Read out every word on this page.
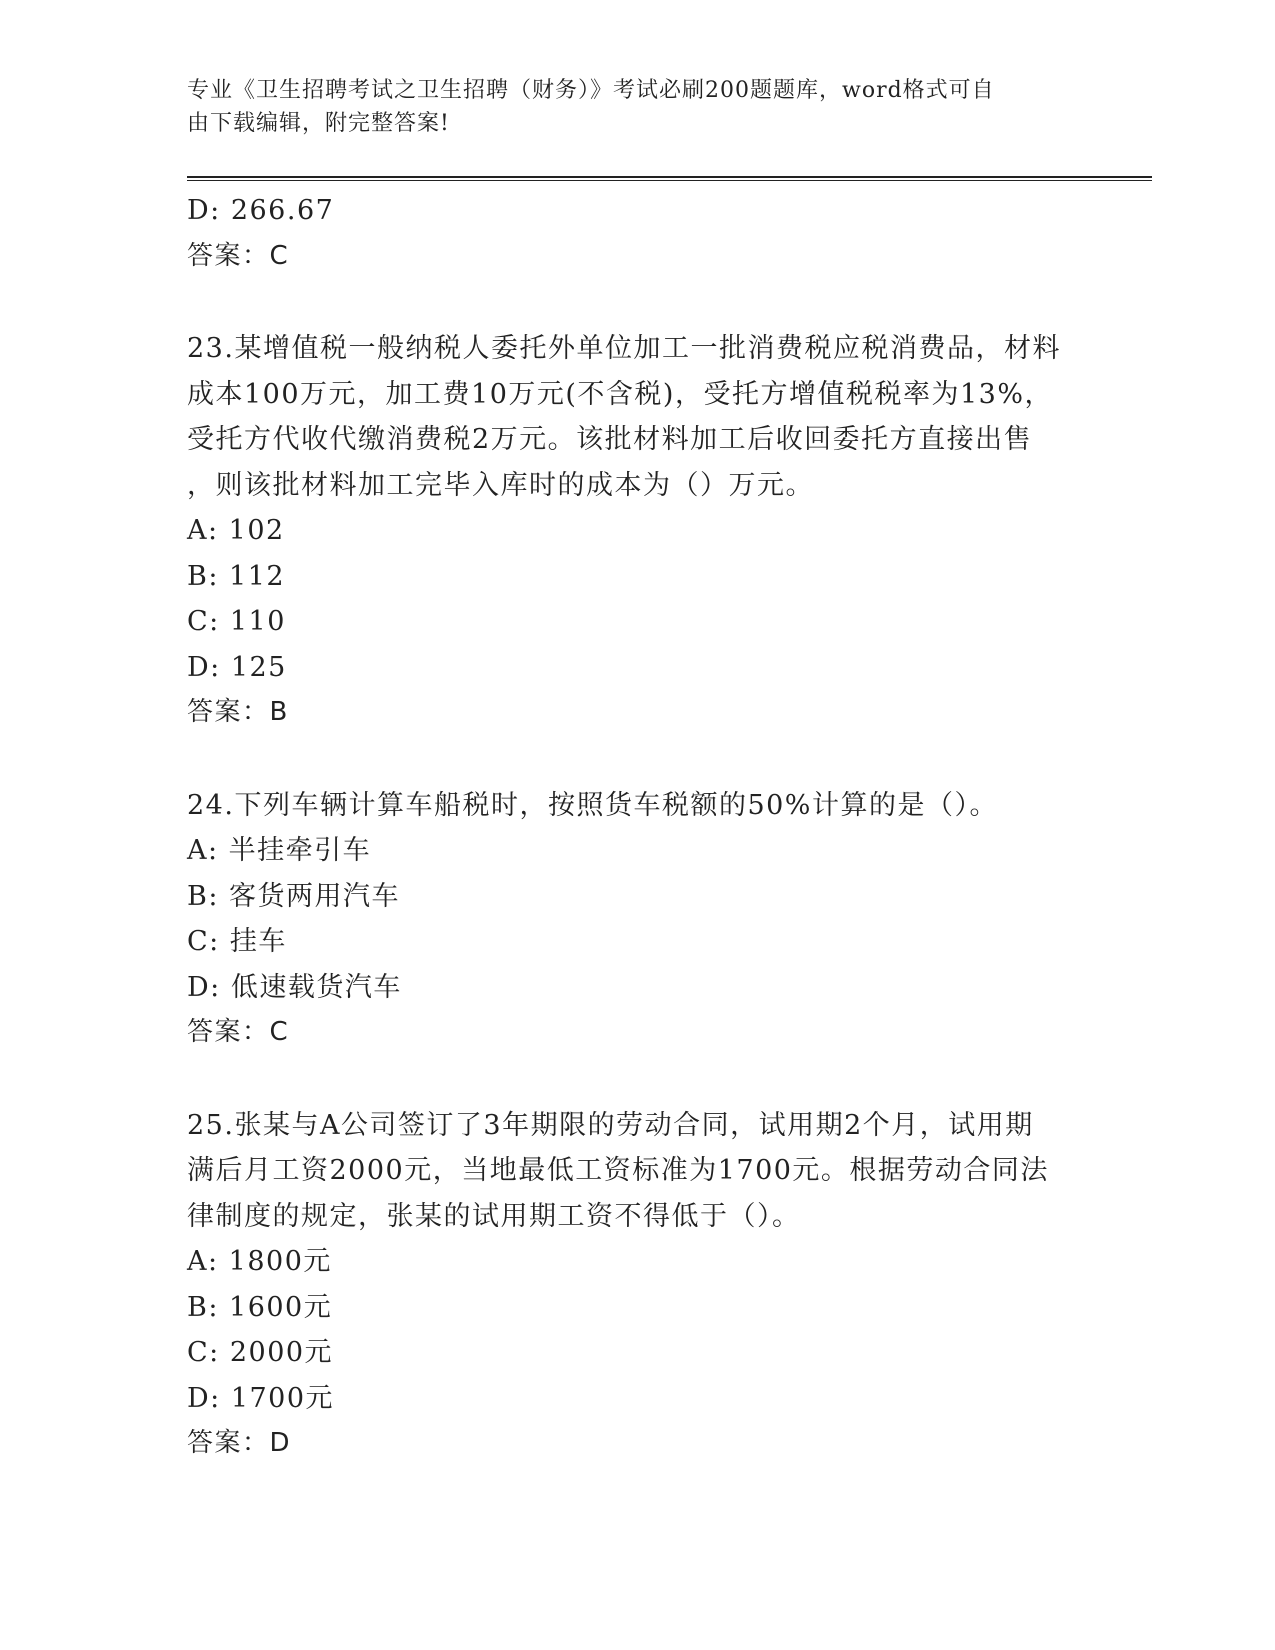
专业《卫生招聘考试之卫生招聘（财务）》考试必刷200题题库，word格式可自
由下载编辑，附完整答案!
D: 266.67
答案：C
23.某增值税一般纳税人委托外单位加工一批消费税应税消费品，材料
成本100万元，加工费10万元(不含税)，受托方增值税税率为13%，
受托方代收代缴消费税2万元。该批材料加工后收回委托方直接出售
，则该批材料加工完毕入库时的成本为（）万元。
A: 102
B: 112
C: 110
D: 125
答案：B
24.下列车辆计算车船税时，按照货车税额的50%计算的是（）。
A: 半挂牵引车
B: 客货两用汽车
C: 挂车
D: 低速载货汽车
答案：C
25.张某与A公司签订了3年期限的劳动合同，试用期2个月，试用期
满后月工资2000元，当地最低工资标准为1700元。根据劳动合同法
律制度的规定，张某的试用期工资不得低于（）。
A: 1800元
B: 1600元
C: 2000元
D: 1700元
答案：D
